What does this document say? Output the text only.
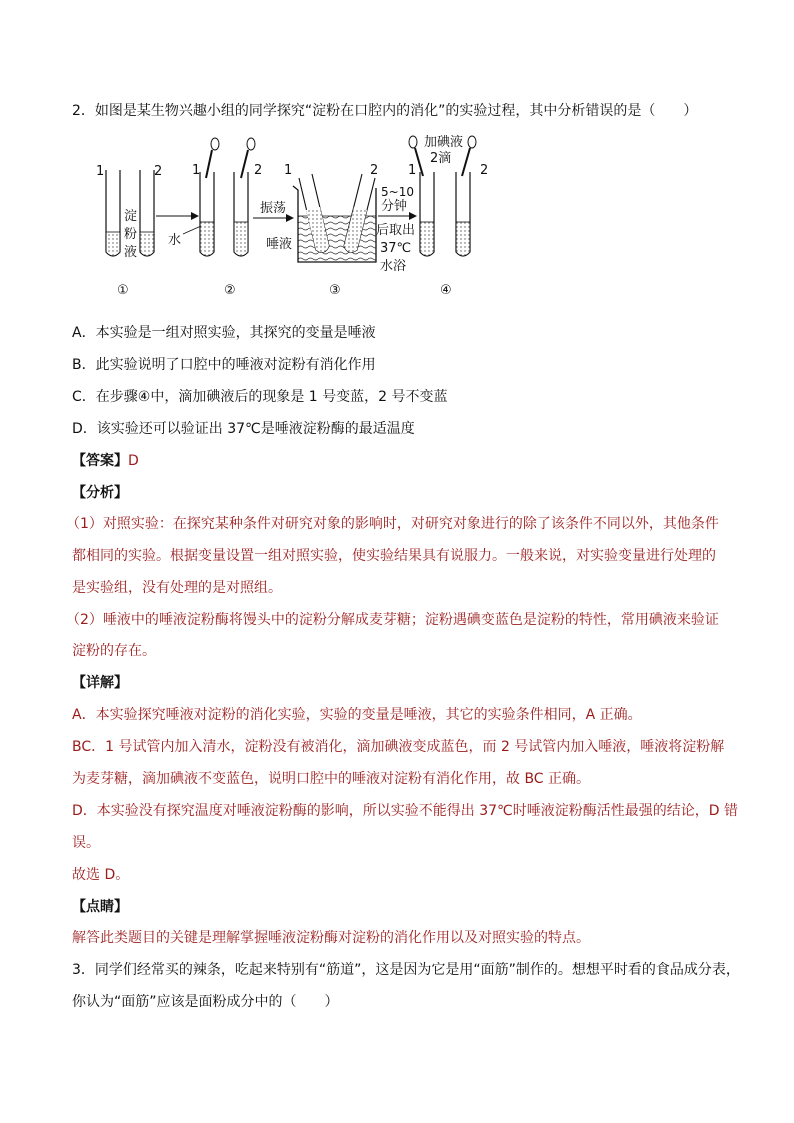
2．如图是某生物兴趣小组的同学探究“淀粉在口腔内的消化”的实验过程，其中分析错误的是（　　）
1	2
淀粉液
①
1	2
水
②
振荡
唾液
1	2
③
5~10
分钟
后取出
37℃
水浴
加碘液
2滴
1	2
④
A．本实验是一组对照实验，其探究的变量是唾液
B．此实验说明了口腔中的唾液对淀粉有消化作用
C．在步骤④中，滴加碘液后的现象是 1 号变蓝，2 号不变蓝
D．该实验还可以验证出 37℃是唾液淀粉酶的最适温度
【答案】D
【分析】
（1）对照实验：在探究某种条件对研究对象的影响时，对研究对象进行的除了该条件不同以外，其他条件
都相同的实验。根据变量设置一组对照实验，使实验结果具有说服力。一般来说，对实验变量进行处理的
是实验组，没有处理的是对照组。
（2）唾液中的唾液淀粉酶将馒头中的淀粉分解成麦芽糖；淀粉遇碘变蓝色是淀粉的特性，常用碘液来验证
淀粉的存在。
【详解】
A．本实验探究唾液对淀粉的消化实验，实验的变量是唾液，其它的实验条件相同，A 正确。
BC．1 号试管内加入清水，淀粉没有被消化，滴加碘液变成蓝色，而 2 号试管内加入唾液，唾液将淀粉解
为麦芽糖，滴加碘液不变蓝色，说明口腔中的唾液对淀粉有消化作用，故 BC 正确。
D．本实验没有探究温度对唾液淀粉酶的影响，所以实验不能得出 37℃时唾液淀粉酶活性最强的结论，D 错
误。
故选 D。
【点睛】
解答此类题目的关键是理解掌握唾液淀粉酶对淀粉的消化作用以及对照实验的特点。
3．同学们经常买的辣条，吃起来特别有“筋道”，这是因为它是用“面筋”制作的。想想平时看的食品成分表，
你认为“面筋”应该是面粉成分中的（　　）
